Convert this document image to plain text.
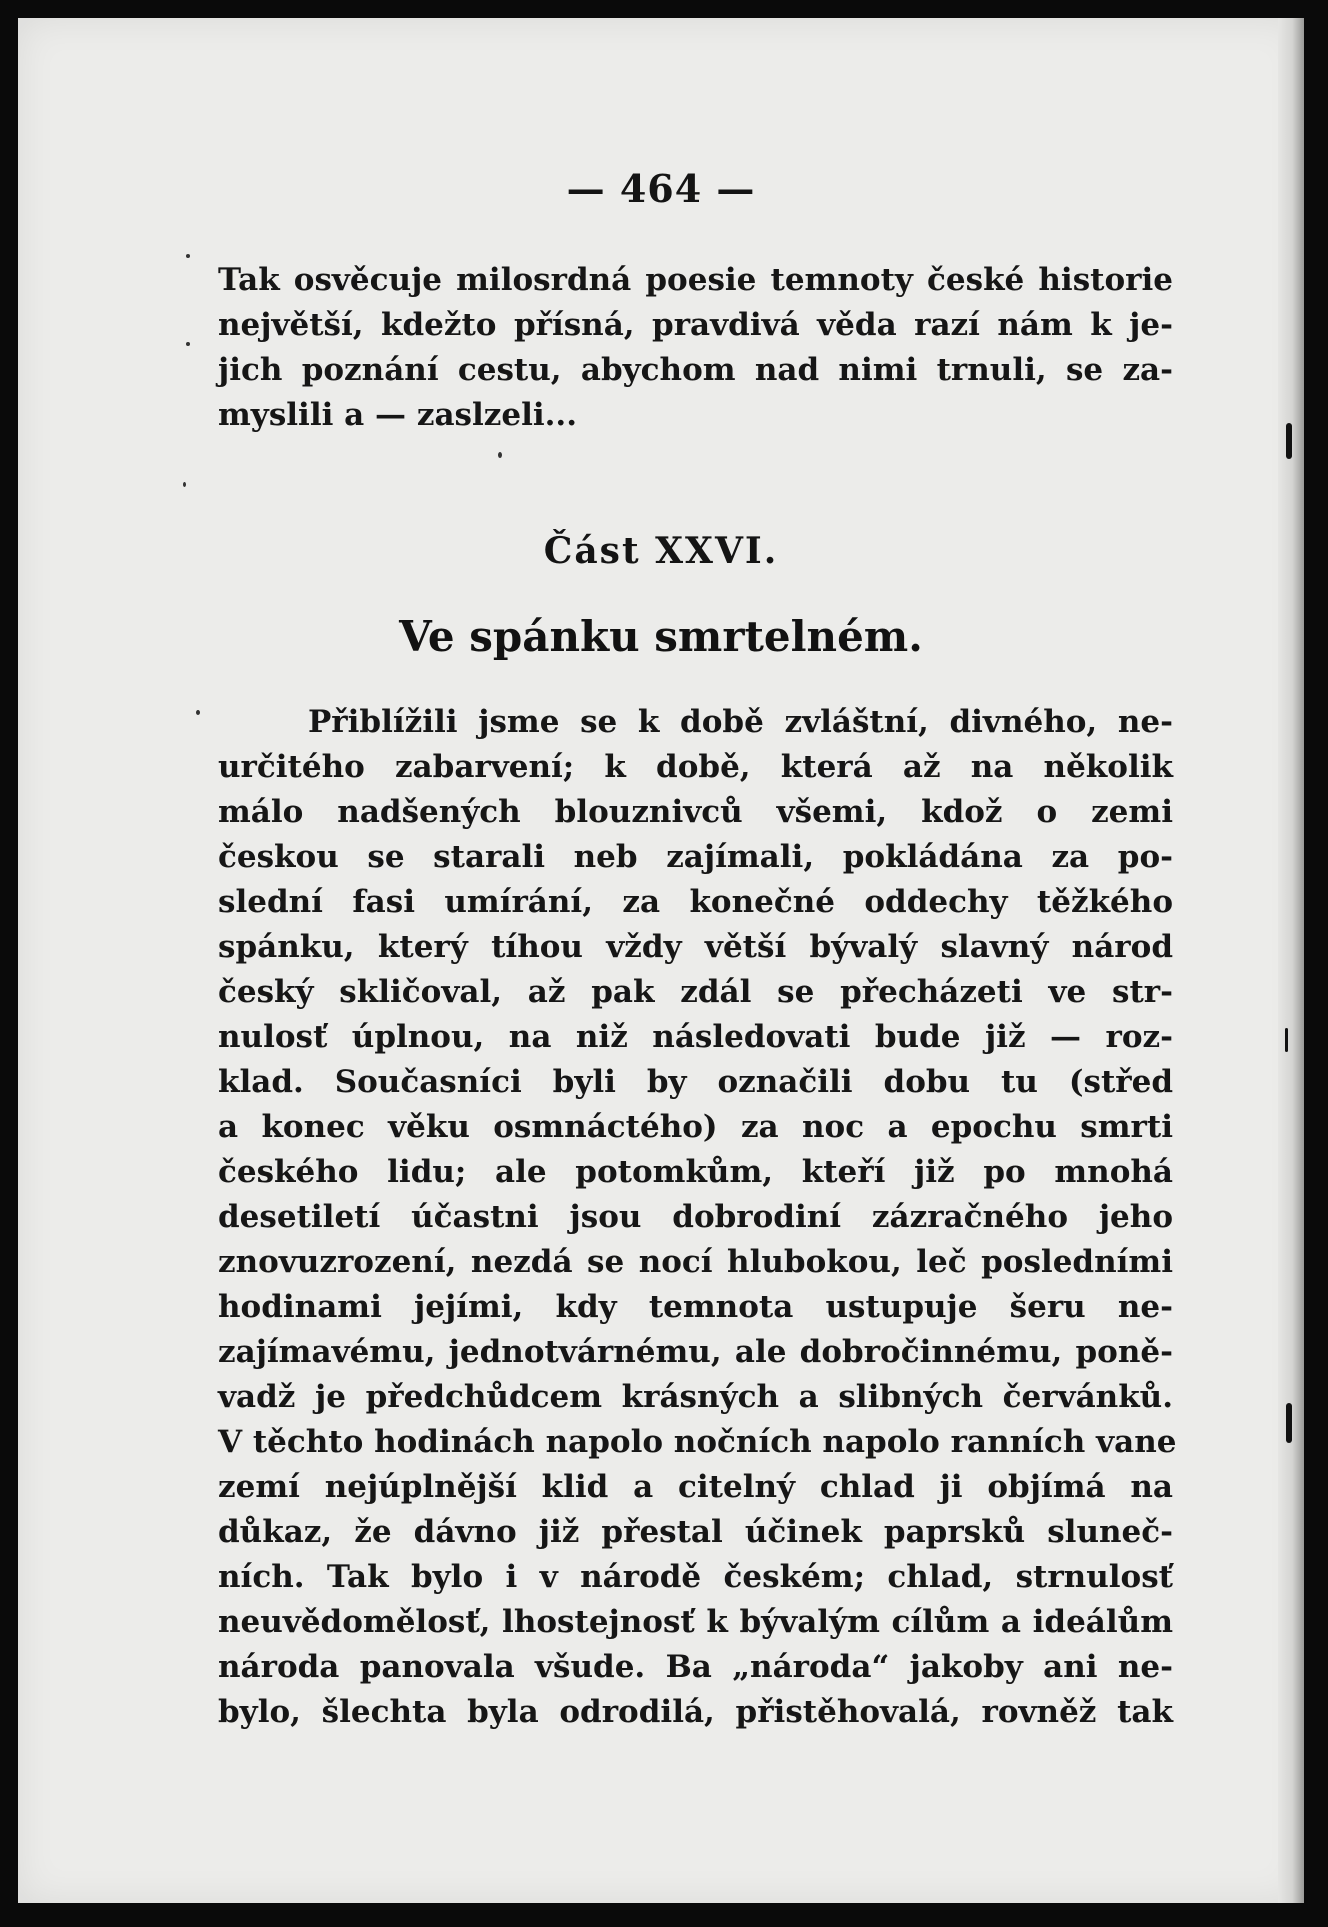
— 464 —
Tak osvěcuje milosrdná poesie temnoty české historie
největší, kdežto přísná, pravdivá věda razí nám k je-
jich poznání cestu, abychom nad nimi trnuli, se za-
myslili a — zaslzeli...
Část XXVI.
Ve spánku smrtelném.
Přiblížili jsme se k době zvláštní, divného, ne-
určitého zabarvení; k době, která až na několik
málo nadšených blouznivců všemi, kdož o zemi
českou se starali neb zajímali, pokládána za po-
slední fasi umírání, za konečné oddechy těžkého
spánku, který tíhou vždy větší bývalý slavný národ
český skličoval, až pak zdál se přecházeti ve str-
nulosť úplnou, na niž následovati bude již — roz-
klad. Současníci byli by označili dobu tu (střed
a konec věku osmnáctého) za noc a epochu smrti
českého lidu; ale potomkům, kteří již po mnohá
desetiletí účastni jsou dobrodiní zázračného jeho
znovuzrození, nezdá se nocí hlubokou, leč posledními
hodinami jejími, kdy temnota ustupuje šeru ne-
zajímavému, jednotvárnému, ale dobročinnému, poně-
vadž je předchůdcem krásných a slibných červánků.
V těchto hodinách napolo nočních napolo ranních vane
zemí nejúplnější klid a citelný chlad ji objímá na
důkaz, že dávno již přestal účinek paprsků sluneč-
ních. Tak bylo i v národě českém; chlad, strnulosť
neuvědomělosť, lhostejnosť k bývalým cílům a ideálům
národa panovala všude. Ba „národa“ jakoby ani ne-
bylo, šlechta byla odrodilá, přistěhovalá, rovněž tak
